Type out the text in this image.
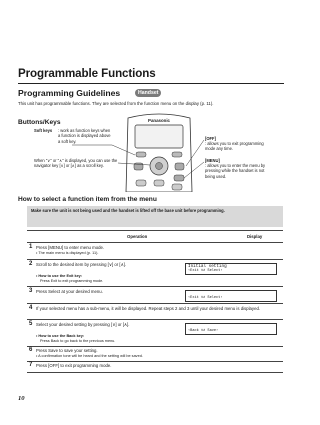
Programmable Functions
Programming Guidelines	Handset
This unit has programmable functions. They are selected from the function menu on the display (p. 11).
Buttons/Keys
Soft keys	: work as function keys when a function is displayed above a soft key.
When "∨" or "∧" is displayed, you can use the navigator key [∨] or [∧] as a scroll key.
[OFF]
: allows you to exit programming mode any time.
[MENU]
: allows you to enter the menu by pressing while the handset is not being used.
Panasonic
How to select a function item from the menu
Make sure the unit is not being used and the handset is lifted off the base unit before programming.
Operation	Display
1 Press [MENU] to enter menu mode.
• The main menu is displayed (p. 11).
2 Scroll to the desired item by pressing [∨] or [∧].
• How to use the Exit key:
Press Exit to exit programming mode.
Initial setting
‹Exit ∨∧ Select›
3 Press Select at your desired menu.
‹Exit ∨∧ Select›
4 If your selected menu has a sub-menu, it will be displayed. Repeat steps 2 and 3 until your desired menu is displayed.
5 Select your desired setting by pressing [∨] or [∧].
• How to use the Back key:
Press Back to go back to the previous menu.
‹Back ∨∧ Save›
6 Press Save to save your setting.
• A confirmation tone will be heard and the setting will be saved.
7 Press [OFF] to exit programming mode.
10
